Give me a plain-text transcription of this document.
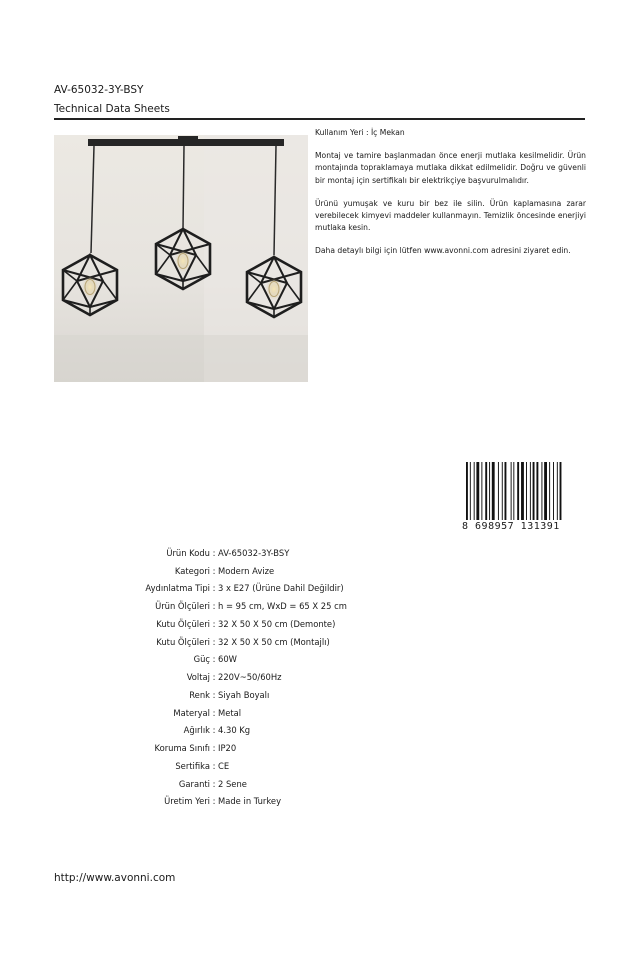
AV-65032-3Y-BSY
Technical Data Sheets

Kullanım Yeri : İç Mekan

Montaj ve tamire başlanmadan önce enerji mutlaka kesilmelidir. Ürün montajında topraklamaya mutlaka dikkat edilmelidir. Doğru ve güvenli bir montaj için sertifikalı bir elektrikçiye başvurulmalıdır.

Ürünü yumuşak ve kuru bir bez ile silin. Ürün kaplamasına zarar verebilecek kimyevi maddeler kullanmayın. Temizlik öncesinde enerjiyi mutlaka kesin.

Daha detaylı bilgi için lütfen www.avonni.com adresini ziyaret edin.

8 698957 131391
Ürün Kodu : AV-65032-3Y-BSY
Kategori : Modern Avize
Aydınlatma Tipi : 3 x E27 (Ürüne Dahil Değildir)
Ürün Ölçüleri : h = 95 cm, WxD = 65 X 25 cm
Kutu Ölçüleri : 32 X 50 X 50 cm (Demonte)
Kutu Ölçüleri : 32 X 50 X 50 cm (Montajlı)
Güç : 60W
Voltaj : 220V~50/60Hz
Renk : Siyah Boyalı
Materyal : Metal
Ağırlık : 4.30 Kg
Koruma Sınıfı : IP20
Sertifika : CE
Garanti : 2 Sene
Üretim Yeri : Made in Turkey
http://www.avonni.com
